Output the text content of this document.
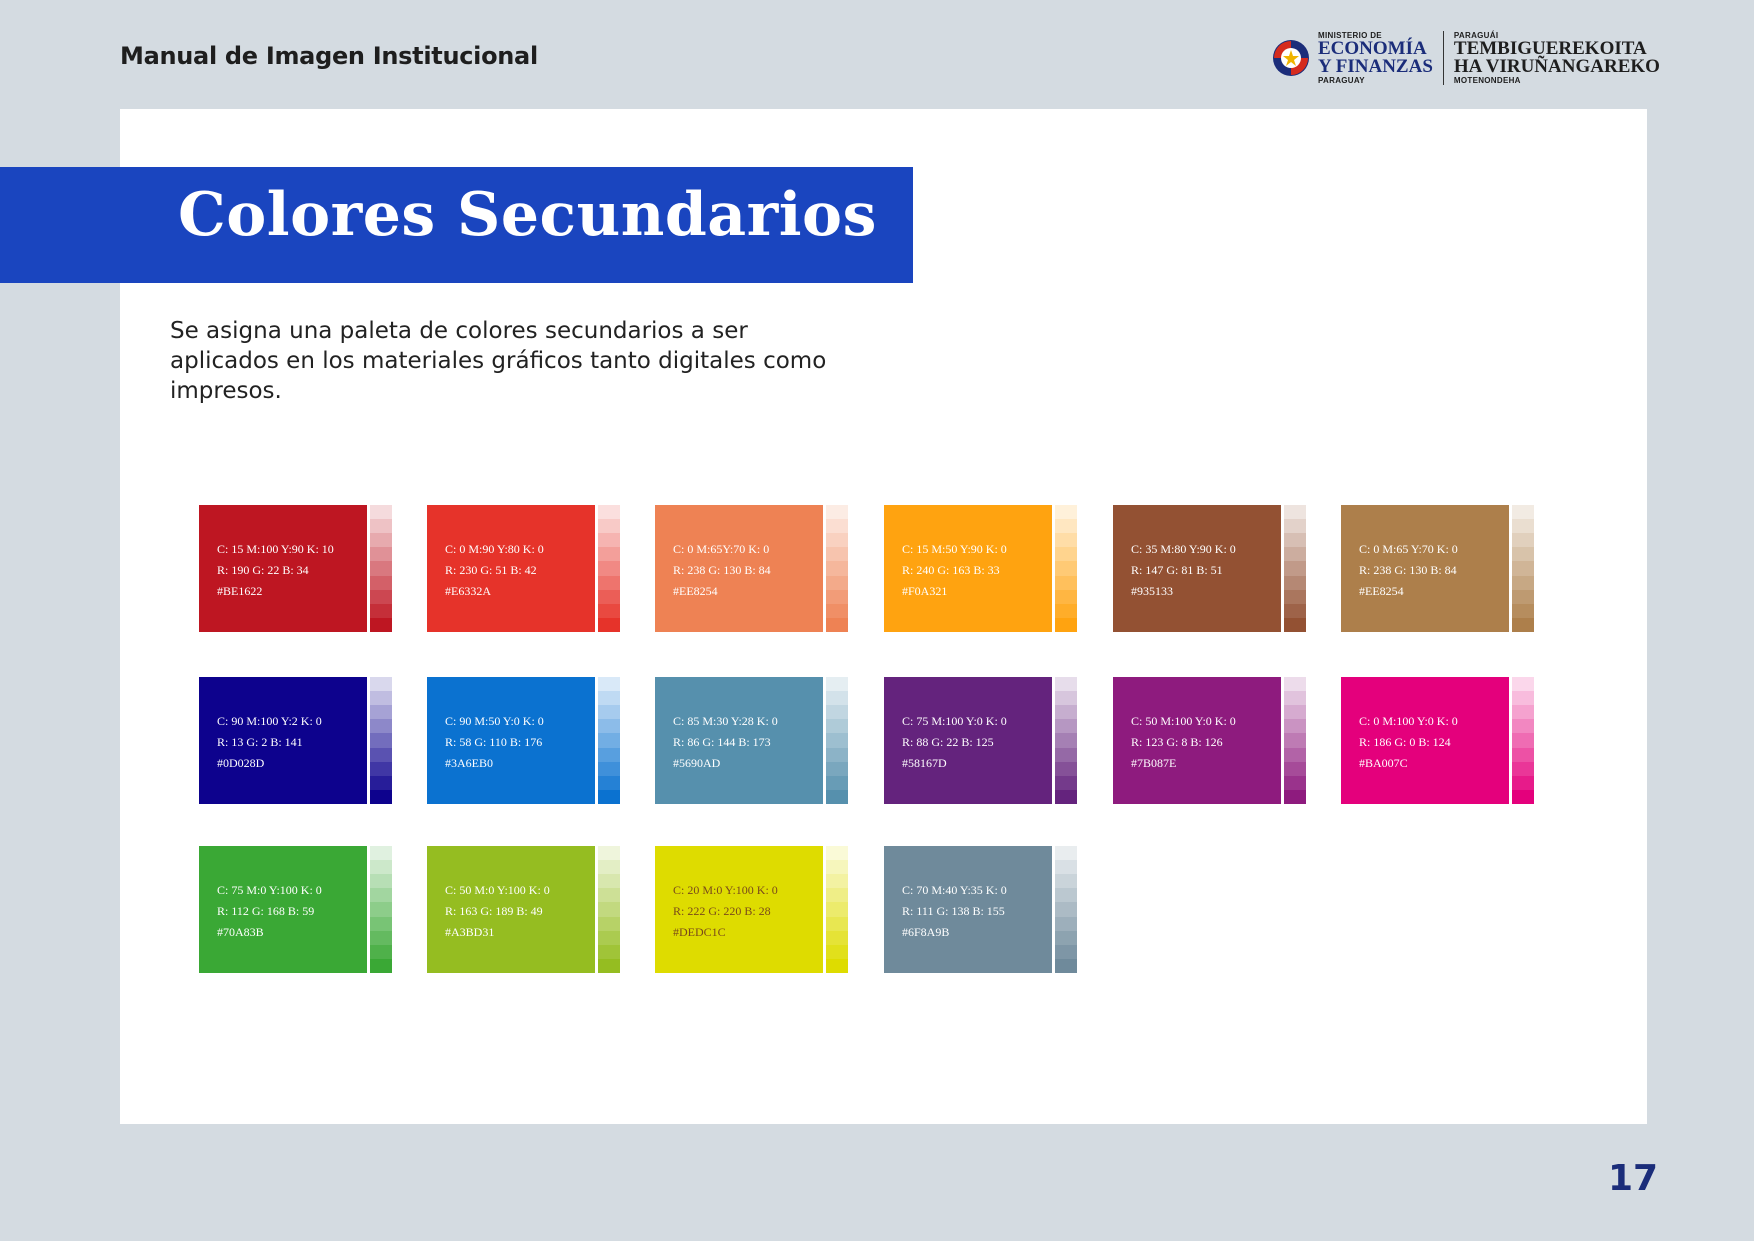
Manual de Imagen Institucional
MINISTERIO DE
ECONOMÍA
Y FINANZAS
PARAGUAY
PARAGUÁI
TEMBIGUEREKOITA
HA VIRUÑANGAREKO
MOTENONDEHA
Colores Secundarios
Se asigna una paleta de colores secundarios a ser aplicados en los materiales gráficos tanto digitales como impresos.
C: 15 M:100 Y:90 K: 10
R: 190 G: 22 B: 34
#BE1622
C: 0 M:90 Y:80 K: 0
R: 230 G: 51 B: 42
#E6332A
C: 0 M:65Y:70 K: 0
R: 238 G: 130 B: 84
#EE8254
C: 15 M:50 Y:90 K: 0
R: 240 G: 163 B: 33
#F0A321
C: 35 M:80 Y:90 K: 0
R: 147 G: 81 B: 51
#935133
C: 0 M:65 Y:70 K: 0
R: 238 G: 130 B: 84
#EE8254
C: 90 M:100 Y:2 K: 0
R: 13 G: 2 B: 141
#0D028D
C: 90 M:50 Y:0 K: 0
R: 58 G: 110 B: 176
#3A6EB0
C: 85 M:30 Y:28 K: 0
R: 86 G: 144 B: 173
#5690AD
C: 75 M:100 Y:0 K: 0
R: 88 G: 22 B: 125
#58167D
C: 50 M:100 Y:0 K: 0
R: 123 G: 8 B: 126
#7B087E
C: 0 M:100 Y:0 K: 0
R: 186 G: 0 B: 124
#BA007C
C: 75 M:0 Y:100 K: 0
R: 112 G: 168 B: 59
#70A83B
C: 50 M:0 Y:100 K: 0
R: 163 G: 189 B: 49
#A3BD31
C: 20 M:0 Y:100 K: 0
R: 222 G: 220 B: 28
#DEDC1C
C: 70 M:40 Y:35 K: 0
R: 111 G: 138 B: 155
#6F8A9B
17
